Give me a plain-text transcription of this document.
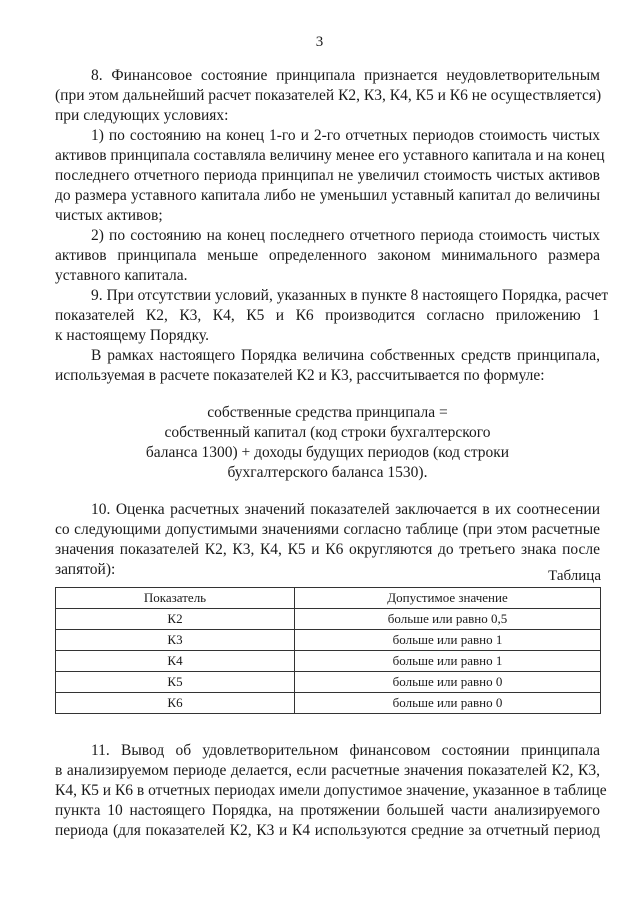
3
8. Финансовое состояние принципала признается неудовлетворительным
(при этом дальнейший расчет показателей К2, К3, К4, К5 и К6 не осуществляется)
при следующих условиях:
1) по состоянию на конец 1-го и 2-го отчетных периодов стоимость чистых
активов принципала составляла величину менее его уставного капитала и на конец
последнего отчетного периода принципал не увеличил стоимость чистых активов
до размера уставного капитала либо не уменьшил уставный капитал до величины
чистых активов;
2) по состоянию на конец последнего отчетного периода стоимость чистых
активов принципала меньше определенного законом минимального размера
уставного капитала.
9. При отсутствии условий, указанных в пункте 8 настоящего Порядка, расчет
показателей К2, К3, К4, К5 и К6 производится согласно приложению 1
к настоящему Порядку.
В рамках настоящего Порядка величина собственных средств принципала,
используемая в расчете показателей К2 и К3, рассчитывается по формуле:
собственные средства принципала =
собственный капитал (код строки бухгалтерского
баланса 1300) + доходы будущих периодов (код строки
бухгалтерского баланса 1530).
10. Оценка расчетных значений показателей заключается в их соотнесении
со следующими допустимыми значениями согласно таблице (при этом расчетные
значения показателей К2, К3, К4, К5 и К6 округляются до третьего знака после
запятой):
11. Вывод об удовлетворительном финансовом состоянии принципала
в анализируемом периоде делается, если расчетные значения показателей К2, К3,
К4, К5 и К6 в отчетных периодах имели допустимое значение, указанное в таблице
пункта 10 настоящего Порядка, на протяжении большей части анализируемого
периода (для показателей К2, К3 и К4 используются средние за отчетный период
Таблица
Показатель	Допустимое значение
К2	больше или равно 0,5
К3	больше или равно 1
К4	больше или равно 1
К5	больше или равно 0
К6	больше или равно 0
